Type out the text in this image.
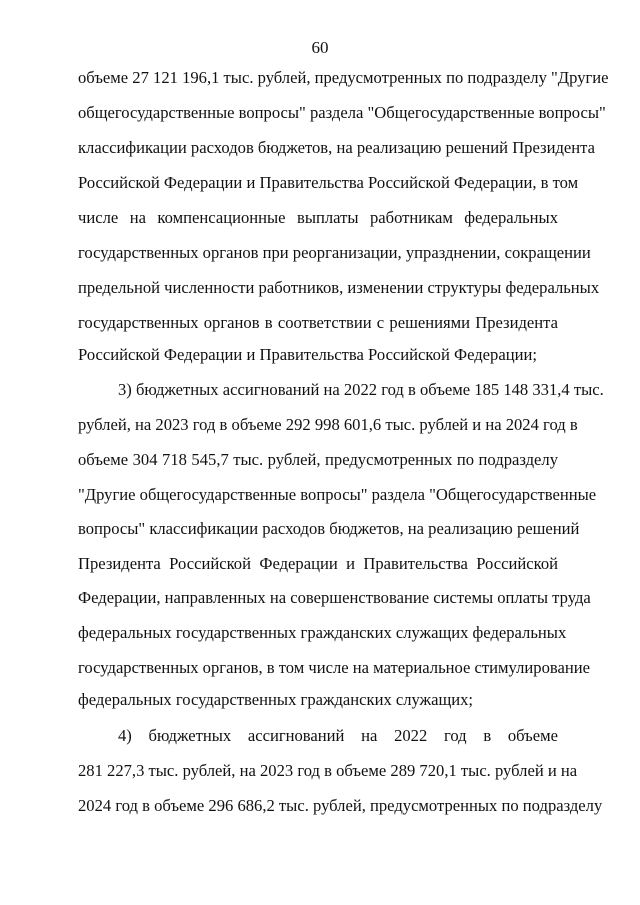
60
объеме 27 121 196,1 тыс. рублей, предусмотренных по подразделу "Другие
общегосударственные вопросы" раздела "Общегосударственные вопросы"
классификации расходов бюджетов, на реализацию решений Президента
Российской Федерации и Правительства Российской Федерации, в том
числе на компенсационные выплаты работникам федеральных
государственных органов при реорганизации, упразднении, сокращении
предельной численности работников, изменении структуры федеральных
государственных органов в соответствии с решениями Президента
Российской Федерации и Правительства Российской Федерации;
3) бюджетных ассигнований на 2022 год в объеме 185 148 331,4 тыс.
рублей, на 2023 год в объеме 292 998 601,6 тыс. рублей и на 2024 год в
объеме 304 718 545,7 тыс. рублей, предусмотренных по подразделу
"Другие общегосударственные вопросы" раздела "Общегосударственные
вопросы" классификации расходов бюджетов, на реализацию решений
Президента Российской Федерации и Правительства Российской
Федерации, направленных на совершенствование системы оплаты труда
федеральных государственных гражданских служащих федеральных
государственных органов, в том числе на материальное стимулирование
федеральных государственных гражданских служащих;
4) бюджетных ассигнований на 2022 год в объеме
281 227,3 тыс. рублей, на 2023 год в объеме 289 720,1 тыс. рублей и на
2024 год в объеме 296 686,2 тыс. рублей, предусмотренных по подразделу
